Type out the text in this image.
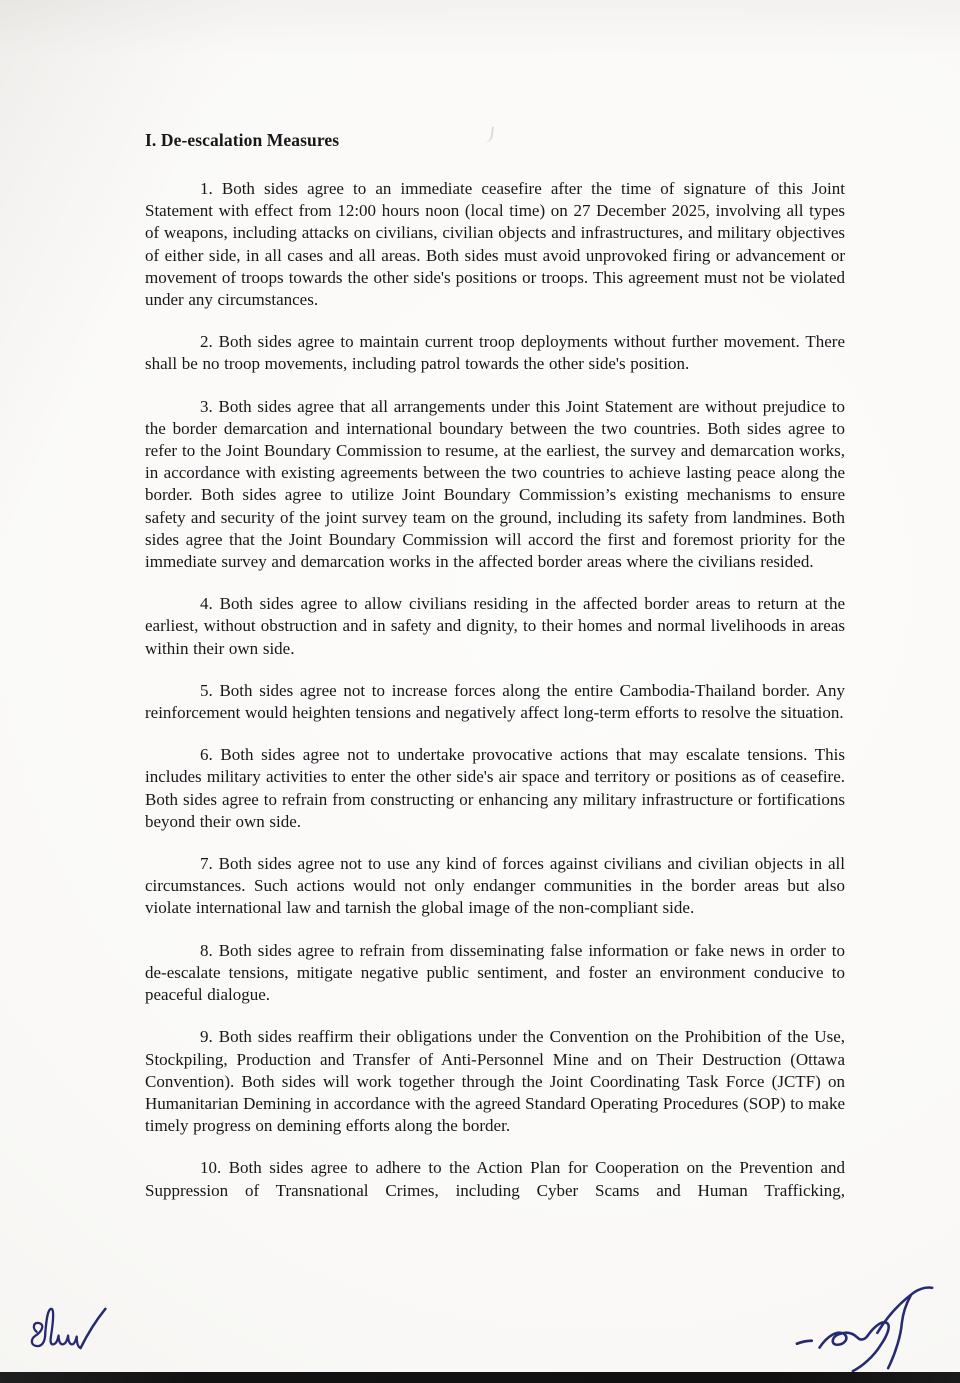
I. De-escalation Measures

1. Both sides agree to an immediate ceasefire after the time of signature of this Joint Statement with effect from 12:00 hours noon (local time) on 27 December 2025, involving all types of weapons, including attacks on civilians, civilian objects and infrastructures, and military objectives of either side, in all cases and all areas. Both sides must avoid unprovoked firing or advancement or movement of troops towards the other side's positions or troops. This agreement must not be violated under any circumstances.

2. Both sides agree to maintain current troop deployments without further movement. There shall be no troop movements, including patrol towards the other side's position.

3. Both sides agree that all arrangements under this Joint Statement are without prejudice to the border demarcation and international boundary between the two countries. Both sides agree to refer to the Joint Boundary Commission to resume, at the earliest, the survey and demarcation works, in accordance with existing agreements between the two countries to achieve lasting peace along the border. Both sides agree to utilize Joint Boundary Commission’s existing mechanisms to ensure safety and security of the joint survey team on the ground, including its safety from landmines. Both sides agree that the Joint Boundary Commission will accord the first and foremost priority for the immediate survey and demarcation works in the affected border areas where the civilians resided.

4. Both sides agree to allow civilians residing in the affected border areas to return at the earliest, without obstruction and in safety and dignity, to their homes and normal livelihoods in areas within their own side.

5. Both sides agree not to increase forces along the entire Cambodia-Thailand border. Any reinforcement would heighten tensions and negatively affect long-term efforts to resolve the situation.

6. Both sides agree not to undertake provocative actions that may escalate tensions. This includes military activities to enter the other side's air space and territory or positions as of ceasefire. Both sides agree to refrain from constructing or enhancing any military infrastructure or fortifications beyond their own side.

7. Both sides agree not to use any kind of forces against civilians and civilian objects in all circumstances. Such actions would not only endanger communities in the border areas but also violate international law and tarnish the global image of the non-compliant side.

8. Both sides agree to refrain from disseminating false information or fake news in order to de-escalate tensions, mitigate negative public sentiment, and foster an environment conducive to peaceful dialogue.

9. Both sides reaffirm their obligations under the Convention on the Prohibition of the Use, Stockpiling, Production and Transfer of Anti-Personnel Mine and on Their Destruction (Ottawa Convention). Both sides will work together through the Joint Coordinating Task Force (JCTF) on Humanitarian Demining in accordance with the agreed Standard Operating Procedures (SOP) to make timely progress on demining efforts along the border.

10. Both sides agree to adhere to the Action Plan for Cooperation on the Prevention and Suppression of Transnational Crimes, including Cyber Scams and Human Trafficking,
